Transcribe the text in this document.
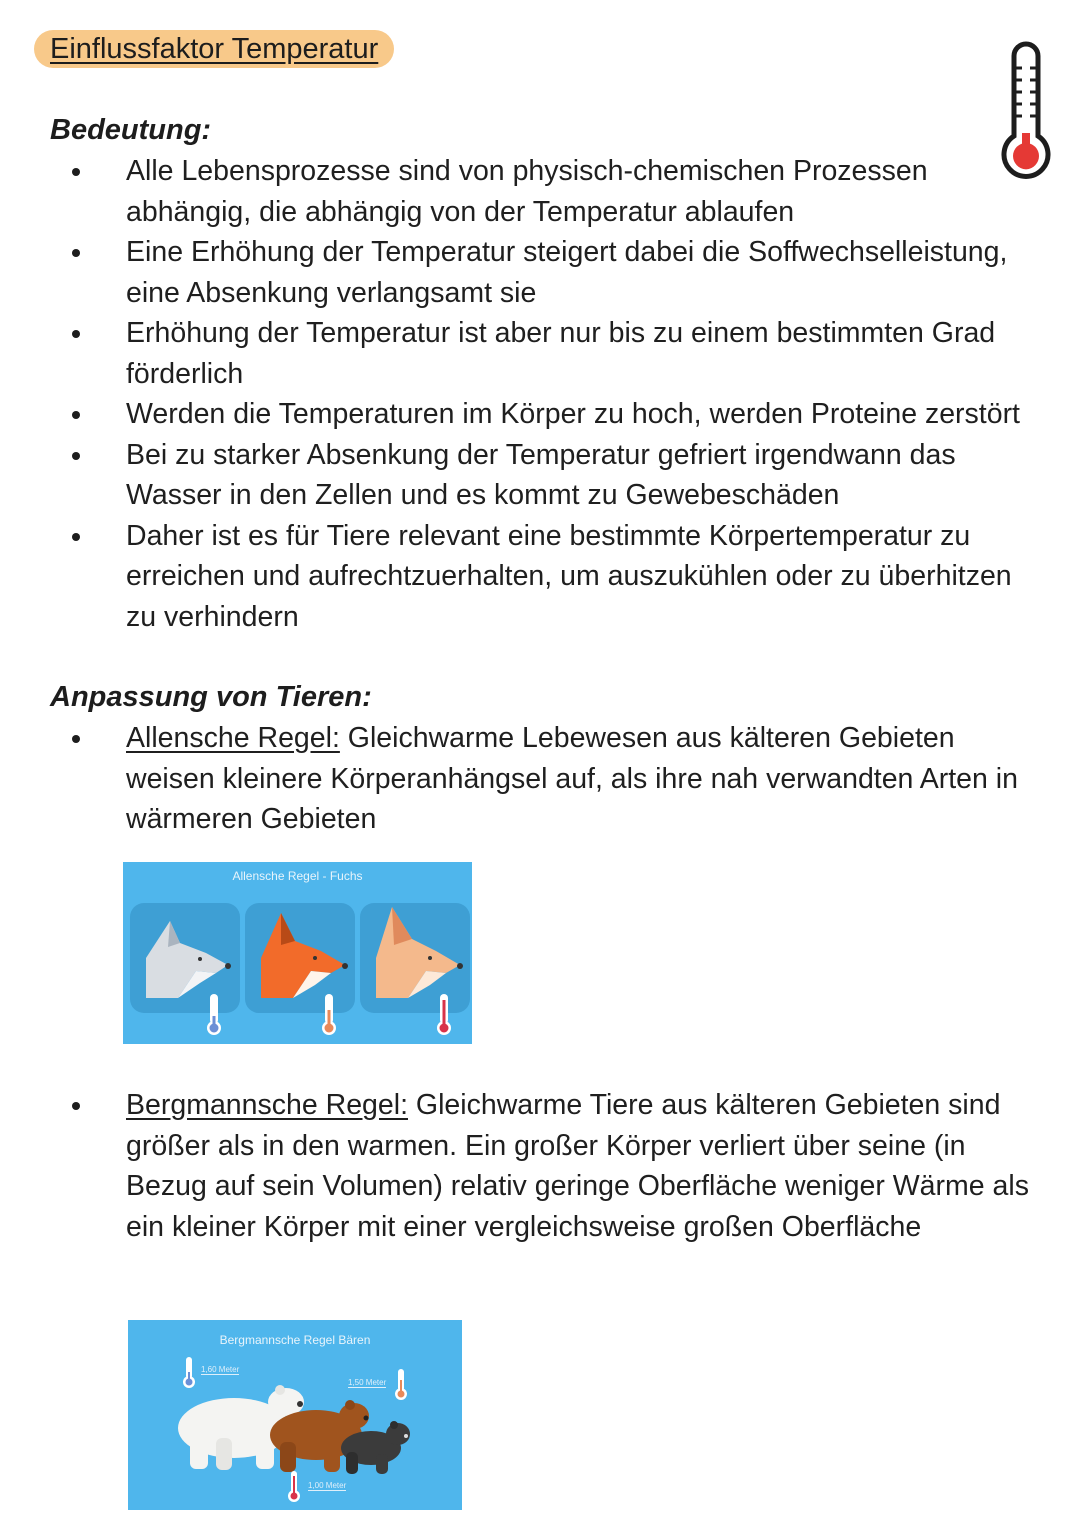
Einflussfaktor Temperatur
Bedeutung:
Alle Lebensprozesse sind von physisch-chemischen Prozessen abhängig, die abhängig von der Temperatur ablaufen
Eine Erhöhung der Temperatur steigert dabei die Soffwechselleistung, eine Absenkung verlangsamt sie
Erhöhung der Temperatur ist aber nur bis zu einem bestimmten Grad förderlich
Werden die Temperaturen im Körper zu hoch, werden Proteine zerstört
Bei zu starker Absenkung der Temperatur gefriert irgendwann das Wasser in den Zellen und es kommt zu Gewebeschäden
Daher ist es für Tiere relevant eine bestimmte Körpertemperatur zu erreichen und aufrechtzuerhalten, um auszukühlen oder zu überhitzen zu verhindern
Anpassung von Tieren:
Allensche Regel: Gleichwarme Lebewesen aus kälteren Gebieten weisen kleinere Körperanhängsel auf, als ihre nah verwandten Arten in wärmeren Gebieten
Allensche Regel - Fuchs
Bergmannsche Regel: Gleichwarme Tiere aus kälteren Gebieten sind größer als in den warmen. Ein großer Körper verliert über seine (in Bezug auf sein Volumen) relativ geringe Oberfläche weniger Wärme als ein kleiner Körper mit einer vergleichsweise großen Oberfläche
Bergmannsche Regel Bären
1,60 Meter
1,50 Meter
1,00 Meter
